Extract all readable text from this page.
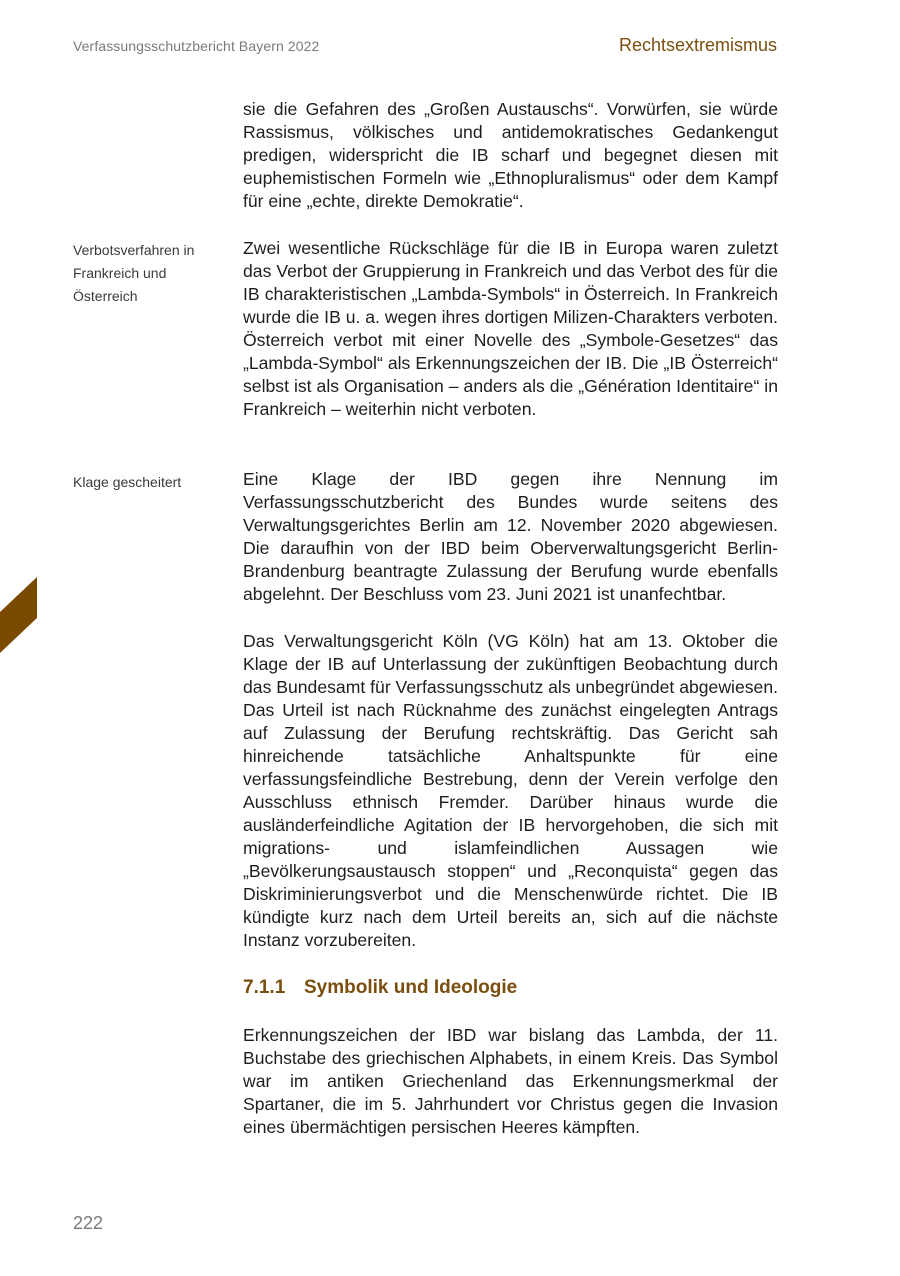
Verfassungsschutzbericht Bayern 2022	Rechtsextremismus
Verbotsverfahren in Frankreich und Österreich
Klage gescheitert

sie die Gefahren des „Großen Austauschs“. Vorwürfen, sie würde Rassismus, völkisches und antidemokratisches Gedankengut predigen, widerspricht die IB scharf und begegnet diesen mit euphemistischen Formeln wie „Ethnopluralismus“ oder dem Kampf für eine „echte, direkte Demokratie“.

Zwei wesentliche Rückschläge für die IB in Europa waren zuletzt das Verbot der Gruppierung in Frankreich und das Verbot des für die IB charakteristischen „Lambda-Symbols“ in Österreich. In Frankreich wurde die IB u. a. wegen ihres dortigen Milizen-Charakters verboten. Österreich verbot mit einer Novelle des „Symbole-Gesetzes“ das „Lambda-Symbol“ als Erkennungszeichen der IB. Die „IB Österreich“ selbst ist als Organisation – anders als die „Génération Identitaire“ in Frankreich – weiterhin nicht verboten.

Eine Klage der IBD gegen ihre Nennung im Verfassungsschutzbericht des Bundes wurde seitens des Verwaltungsgerichtes Berlin am 12. November 2020 abgewiesen. Die daraufhin von der IBD beim Oberverwaltungsgericht Berlin-Brandenburg beantragte Zulassung der Berufung wurde ebenfalls abgelehnt. Der Beschluss vom 23. Juni 2021 ist unanfechtbar.

Das Verwaltungsgericht Köln (VG Köln) hat am 13. Oktober die Klage der IB auf Unterlassung der zukünftigen Beobachtung durch das Bundesamt für Verfassungsschutz als unbegründet abgewiesen. Das Urteil ist nach Rücknahme des zunächst eingelegten Antrags auf Zulassung der Berufung rechtskräftig. Das Gericht sah hinreichende tatsächliche Anhaltspunkte für eine verfassungsfeindliche Bestrebung, denn der Verein verfolge den Ausschluss ethnisch Fremder. Darüber hinaus wurde die ausländerfeindliche Agitation der IB hervorgehoben, die sich mit migrations- und islamfeindlichen Aussagen wie „Bevölkerungsaustausch stoppen“ und „Reconquista“ gegen das Diskriminierungsverbot und die Menschenwürde richtet. Die IB kündigte kurz nach dem Urteil bereits an, sich auf die nächste Instanz vorzubereiten.

7.1.1 Symbolik und Ideologie

Erkennungszeichen der IBD war bislang das Lambda, der 11. Buchstabe des griechischen Alphabets, in einem Kreis. Das Symbol war im antiken Griechenland das Erkennungsmerkmal der Spartaner, die im 5. Jahrhundert vor Christus gegen die Invasion eines übermächtigen persischen Heeres kämpften.

222
